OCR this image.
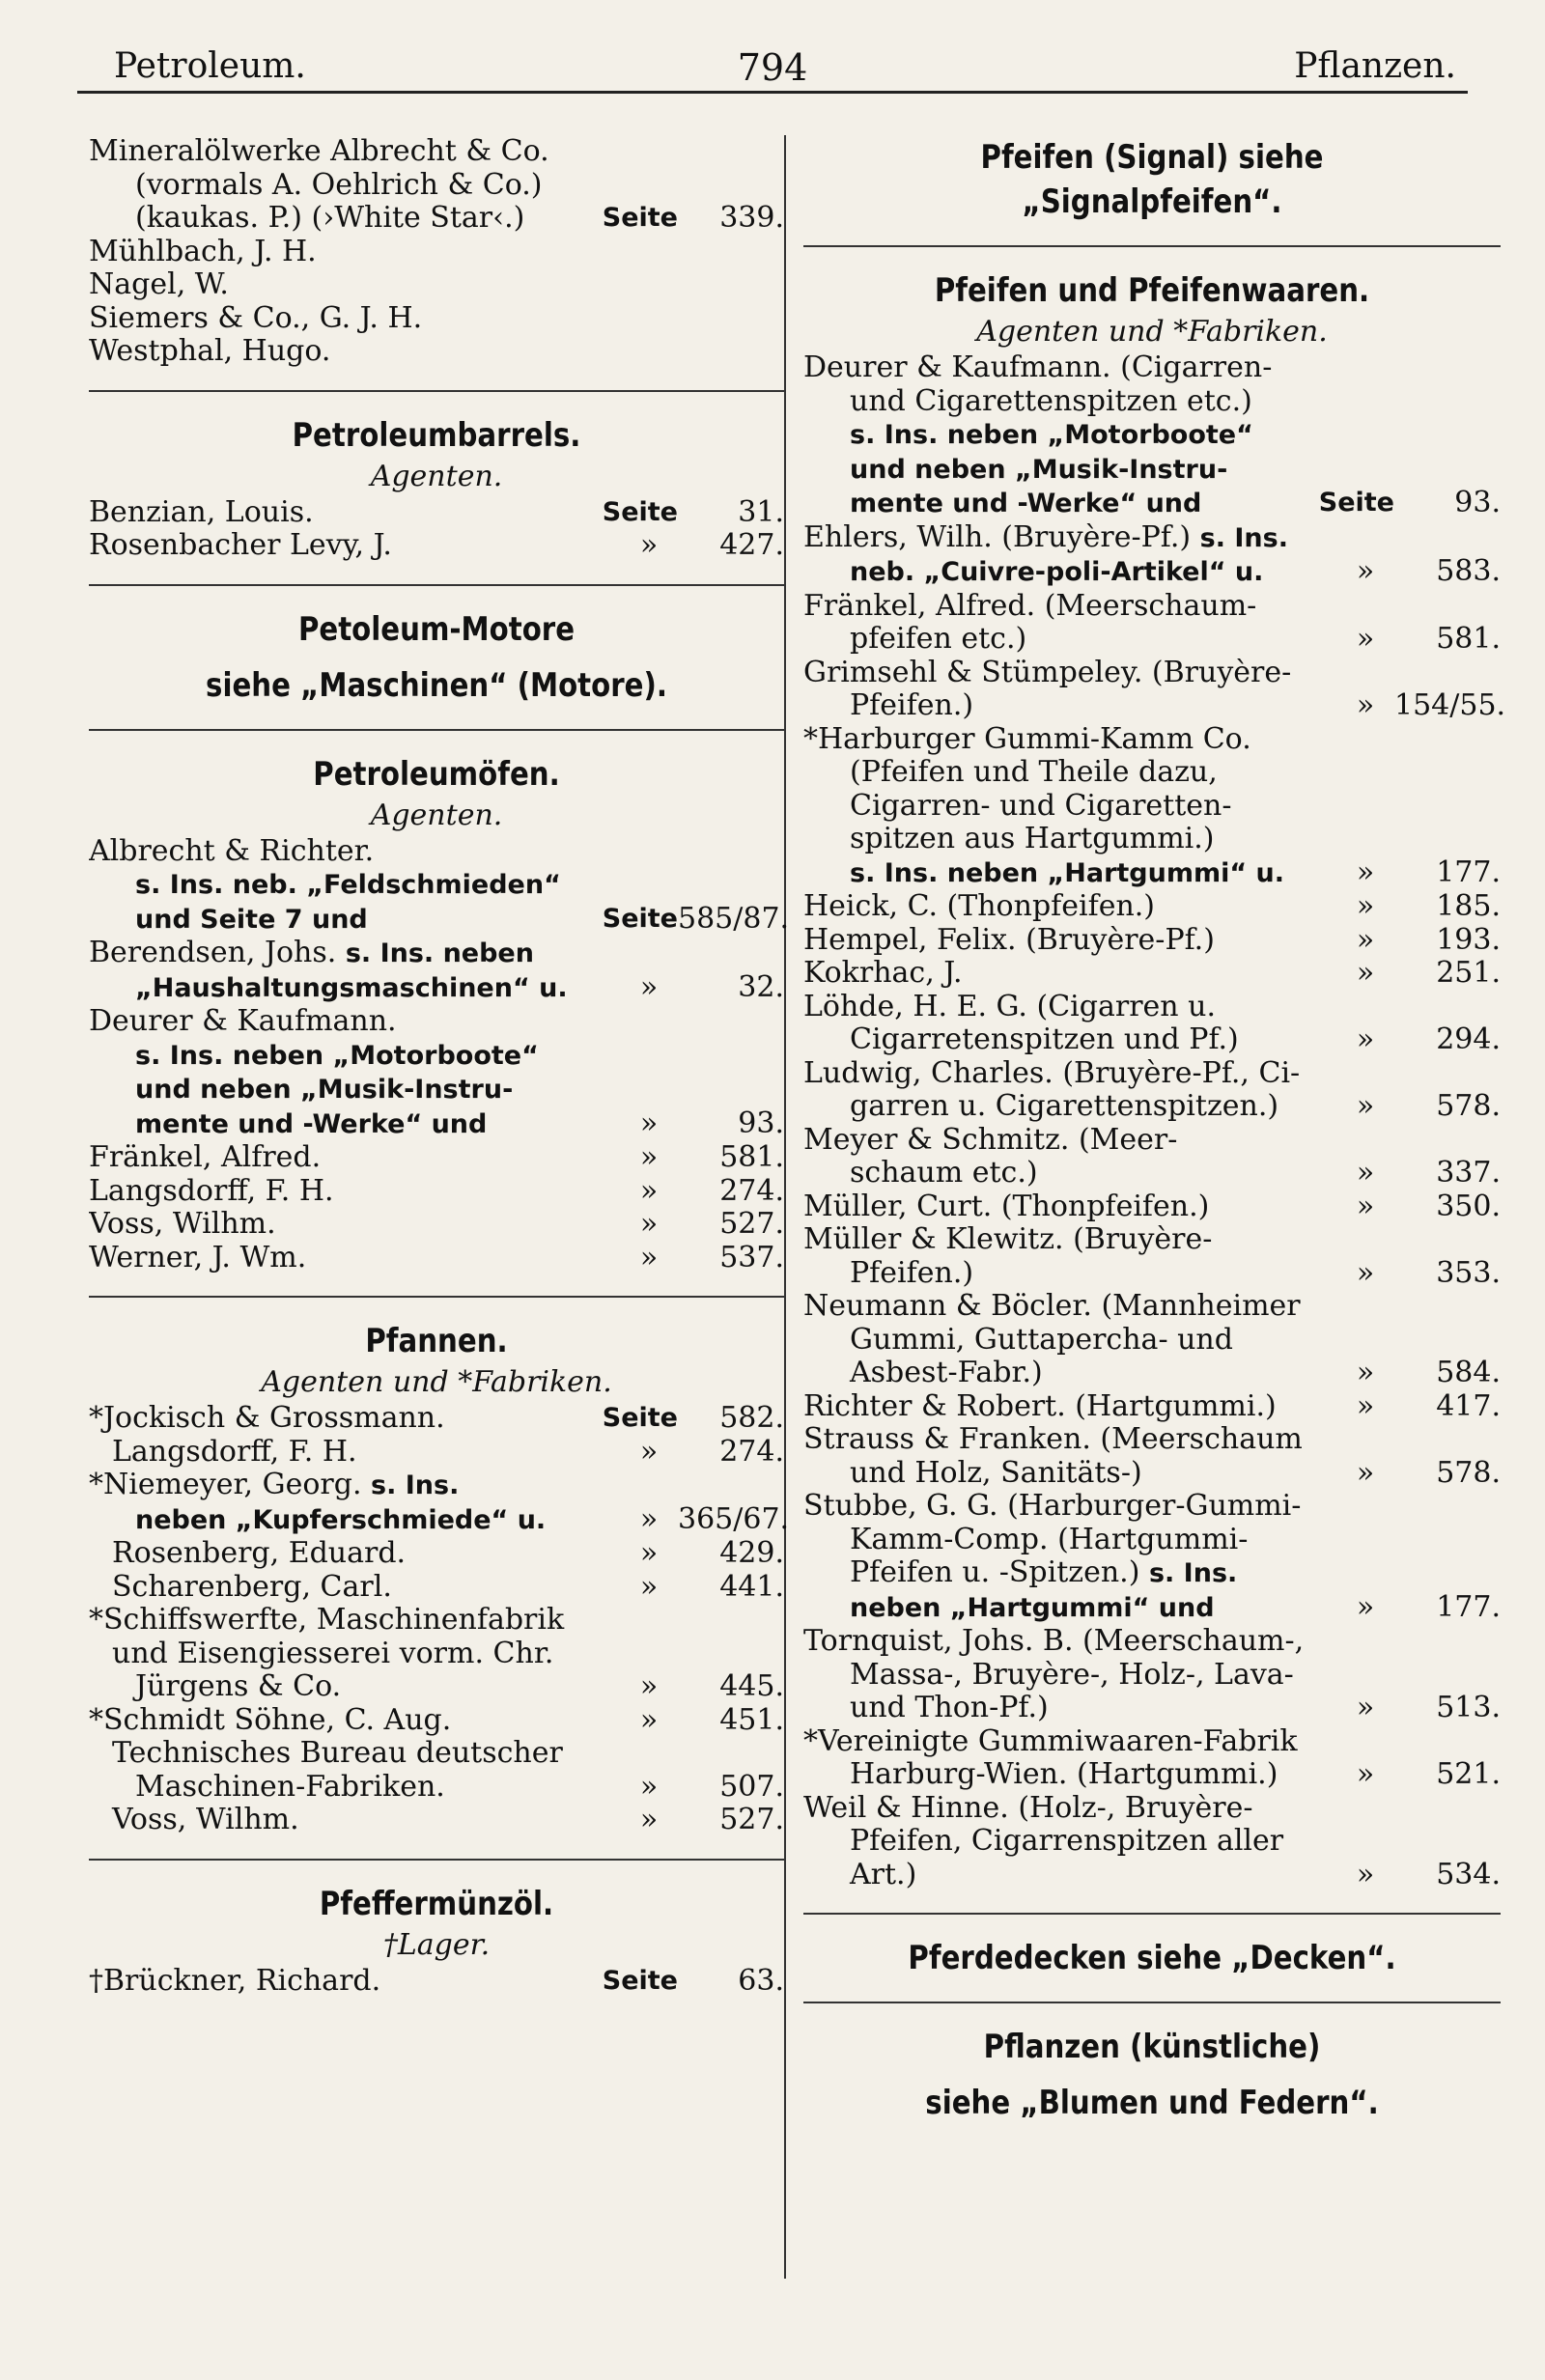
Petroleum.	794	Pflanzen.
Mineralölwerke Albrecht & Co.
(vormals A. Oehlrich & Co.)
(kaukas. P.) (›White Star‹.)	Seite	339.
Mühlbach, J. H.
Nagel, W.
Siemers & Co., G. J. H.
Westphal, Hugo.
Petroleumbarrels.
Agenten.
Benzian, Louis.	Seite	31.
Rosenbacher Levy, J.	»	427.
Petoleum-Motore
siehe „Maschinen“ (Motore).
Petroleumöfen.
Agenten.
Albrecht & Richter.
s. Ins. neb. „Feldschmieden“
und Seite 7 und	Seite 585/87.
Berendsen, Johs. s. Ins. neben
„Haushaltungsmaschinen“ u.	»	32.
Deurer & Kaufmann.
s. Ins. neben „Motorboote“
und neben „Musik-Instru-
mente und -Werke“ und	»	93.
Fränkel, Alfred.	»	581.
Langsdorff, F. H.	»	274.
Voss, Wilhm.	»	527.
Werner, J. Wm.	»	537.
Pfannen.
Agenten und *Fabriken.
*Jockisch & Grossmann.	Seite	582.
Langsdorff, F. H.	»	274.
*Niemeyer, Georg. s. Ins.
neben „Kupferschmiede“ u.	» 365/67.
Rosenberg, Eduard.	»	429.
Scharenberg, Carl.	»	441.
*Schiffswerfte, Maschinenfabrik
und Eisengiesserei vorm. Chr.
Jürgens & Co.	»	445.
*Schmidt Söhne, C. Aug.	»	451.
Technisches Bureau deutscher
Maschinen-Fabriken.	»	507.
Voss, Wilhm.	»	527.
Pfeffermünzöl.
†Lager.
†Brückner, Richard.	Seite	63.
Pfeifen (Signal) siehe „Signalpfeifen“.
Pfeifen und Pfeifenwaaren.
Agenten und *Fabriken.
Deurer & Kaufmann. (Cigarren-
und Cigarettenspitzen etc.)
s. Ins. neben „Motorboote“
und neben „Musik-Instru-
mente und -Werke“ und	Seite	93.
Ehlers, Wilh. (Bruyère-Pf.) s. Ins.
neb. „Cuivre-poli-Artikel“ u.	»	583.
Fränkel, Alfred. (Meerschaum-
pfeifen etc.)	»	581.
Grimsehl & Stümpeley. (Bruyère-
Pfeifen.)	» 154/55.
*Harburger Gummi-Kamm Co.
(Pfeifen und Theile dazu,
Cigarren- und Cigaretten-
spitzen aus Hartgummi.)
s. Ins. neben „Hartgummi“ u.	»	177.
Heick, C. (Thonpfeifen.)	»	185.
Hempel, Felix. (Bruyère-Pf.)	»	193.
Kokrhac, J.	»	251.
Löhde, H. E. G. (Cigarren u.
Cigarretenspitzen und Pf.)	»	294.
Ludwig, Charles. (Bruyère-Pf., Ci-
garren u. Cigarettenspitzen.)	»	578.
Meyer & Schmitz. (Meer-
schaum etc.)	»	337.
Müller, Curt. (Thonpfeifen.)	»	350.
Müller & Klewitz. (Bruyère-
Pfeifen.)	»	353.
Neumann & Böcler. (Mannheimer
Gummi, Guttapercha- und
Asbest-Fabr.)	»	584.
Richter & Robert. (Hartgummi.)	»	417.
Strauss & Franken. (Meerschaum
und Holz, Sanitäts-)	»	578.
Stubbe, G. G. (Harburger-Gummi-
Kamm-Comp. (Hartgummi-
Pfeifen u. -Spitzen.) s. Ins.
neben „Hartgummi“ und	»	177.
Tornquist, Johs. B. (Meerschaum-,
Massa-, Bruyère-, Holz-, Lava-
und Thon-Pf.)	»	513.
*Vereinigte Gummiwaaren-Fabrik
Harburg-Wien. (Hartgummi.)	»	521.
Weil & Hinne. (Holz-, Bruyère-
Pfeifen, Cigarrenspitzen aller
Art.)	»	534.
Pferdedecken siehe „Decken“.
Pflanzen (künstliche)
siehe „Blumen und Federn“.
